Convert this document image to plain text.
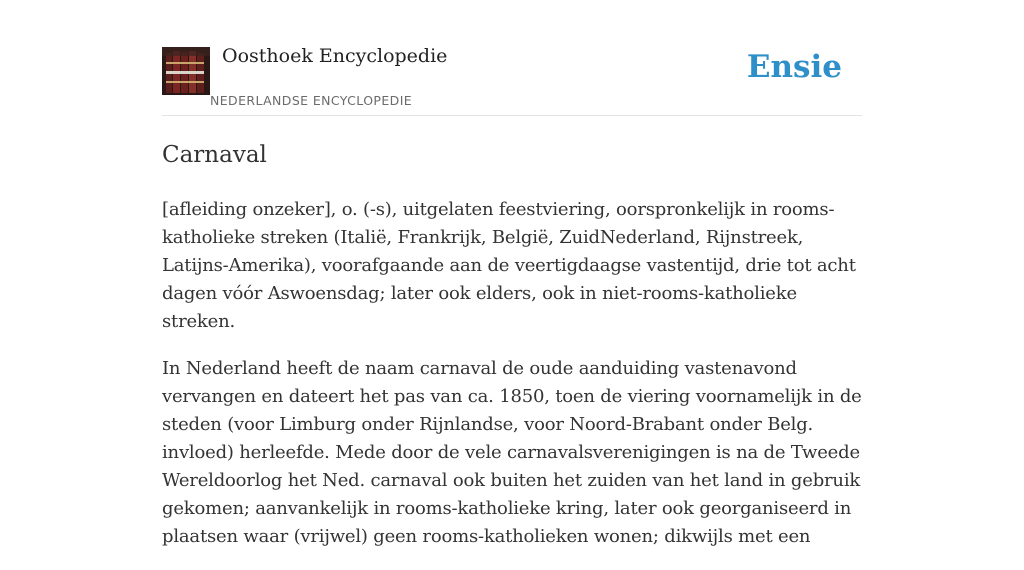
Oosthoek Encyclopedie
NEDERLANDSE ENCYCLOPEDIE
Ensie
Carnaval

[afleiding onzeker], o. (-s), uitgelaten feestviering, oorspronkelijk in rooms-katholieke streken (Italië, Frankrijk, België, ZuidNederland, Rijnstreek, Latijns-Amerika), voorafgaande aan de veertigdaagse vastentijd, drie tot acht dagen vóór Aswoensdag; later ook elders, ook in niet-rooms-katholieke streken.

In Nederland heeft de naam carnaval de oude aanduiding vastenavond vervangen en dateert het pas van ca. 1850, toen de viering voornamelijk in de steden (voor Limburg onder Rijnlandse, voor Noord-Brabant onder Belg. invloed) herleefde. Mede door de vele carnavalsverenigingen is na de Tweede Wereldoorlog het Ned. carnaval ook buiten het zuiden van het land in gebruik gekomen; aanvankelijk in rooms-katholieke kring, later ook georganiseerd in plaatsen waar (vrijwel) geen rooms-katholieken wonen; dikwijls met een
